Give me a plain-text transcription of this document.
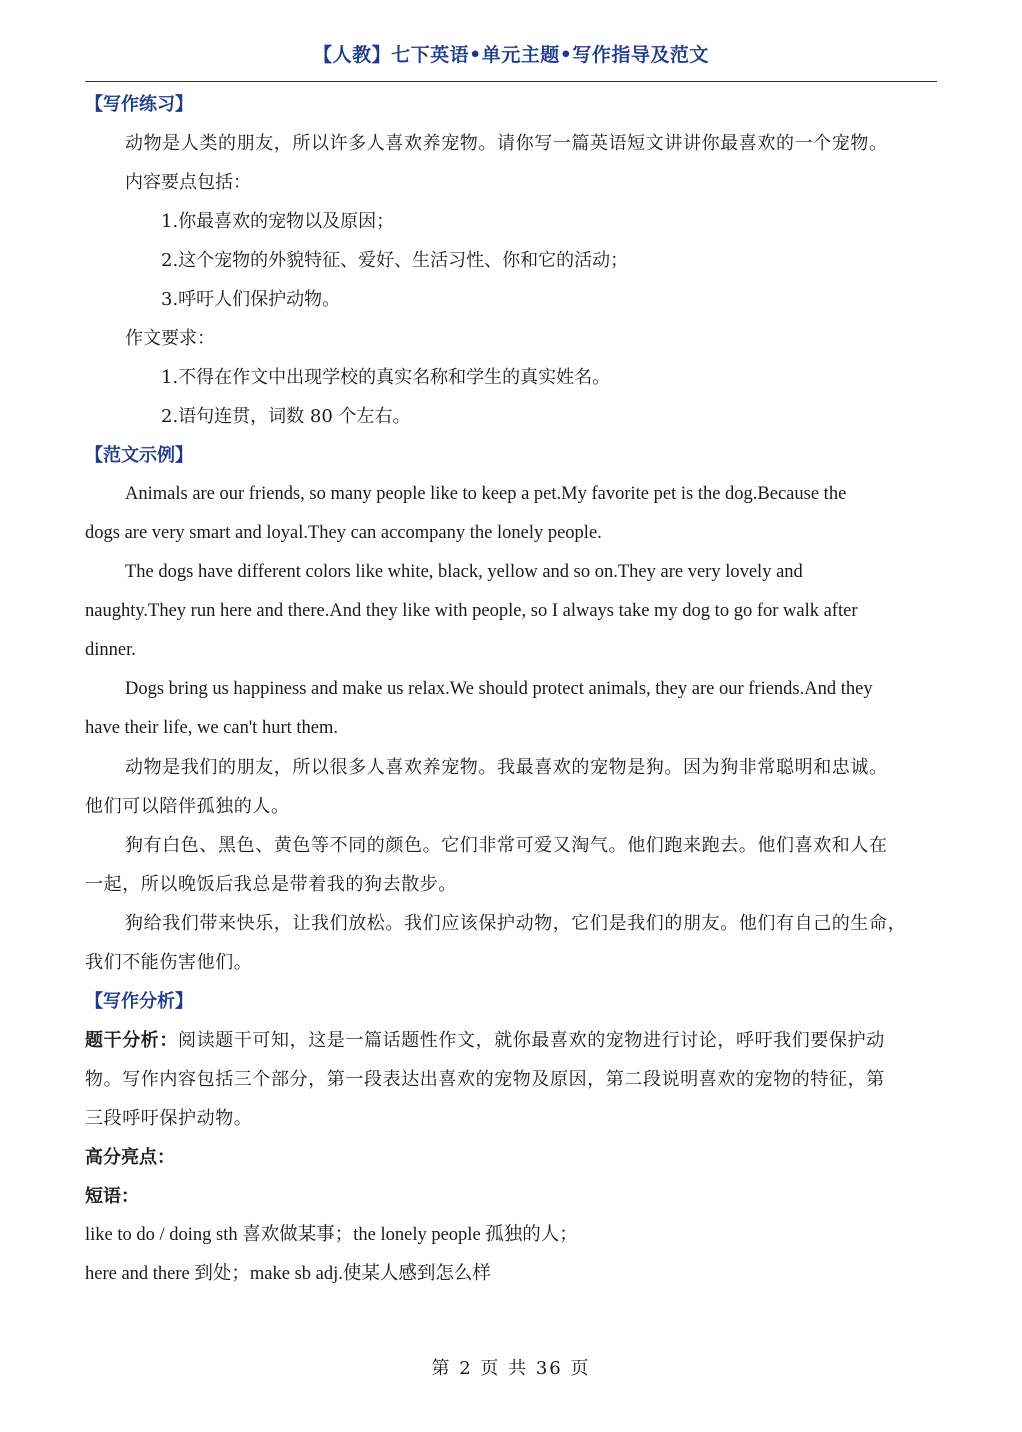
【人教】七下英语•单元主题•写作指导及范文
【写作练习】
动物是人类的朋友，所以许多人喜欢养宠物。请你写一篇英语短文讲讲你最喜欢的一个宠物。
内容要点包括：
1.你最喜欢的宠物以及原因；
2.这个宠物的外貌特征、爱好、生活习性、你和它的活动；
3.呼吁人们保护动物。
作文要求：
1.不得在作文中出现学校的真实名称和学生的真实姓名。
2.语句连贯，词数 80 个左右。
【范文示例】
Animals are our friends, so many people like to keep a pet.My favorite pet is the dog.Because the
dogs are very smart and loyal.They can accompany the lonely people.
The dogs have different colors like white, black, yellow and so on.They are very lovely and
naughty.They run here and there.And they like with people, so I always take my dog to go for walk after
dinner.
Dogs bring us happiness and make us relax.We should protect animals, they are our friends.And they
have their life, we can't hurt them.
动物是我们的朋友，所以很多人喜欢养宠物。我最喜欢的宠物是狗。因为狗非常聪明和忠诚。
他们可以陪伴孤独的人。
狗有白色、黑色、黄色等不同的颜色。它们非常可爱又淘气。他们跑来跑去。他们喜欢和人在
一起，所以晚饭后我总是带着我的狗去散步。
狗给我们带来快乐，让我们放松。我们应该保护动物，它们是我们的朋友。他们有自己的生命，
我们不能伤害他们。
【写作分析】
题干分析：阅读题干可知，这是一篇话题性作文，就你最喜欢的宠物进行讨论，呼吁我们要保护动
物。写作内容包括三个部分，第一段表达出喜欢的宠物及原因，第二段说明喜欢的宠物的特征，第
三段呼吁保护动物。
高分亮点：
短语：
like to do / doing sth 喜欢做某事；the lonely people 孤独的人；
here and there 到处；make sb adj.使某人感到怎么样
第 2 页 共 36 页
